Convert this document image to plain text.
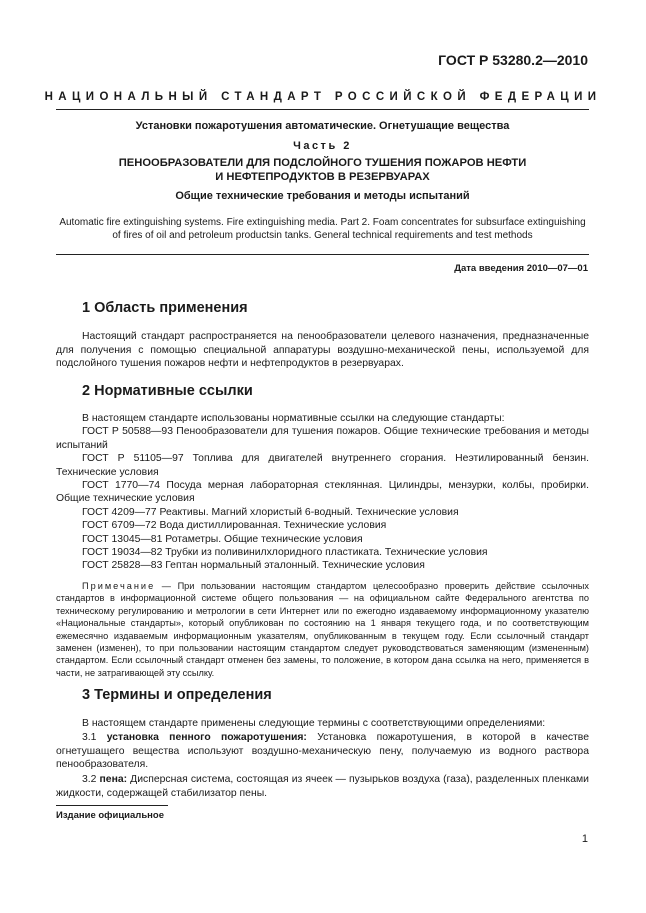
ГОСТ Р 53280.2—2010
НАЦИОНАЛЬНЫЙ СТАНДАРТ РОССИЙСКОЙ ФЕДЕРАЦИИ
Установки пожаротушения автоматические. Огнетушащие вещества
Часть 2
ПЕНООБРАЗОВАТЕЛИ ДЛЯ ПОДСЛОЙНОГО ТУШЕНИЯ ПОЖАРОВ НЕФТИ
И НЕФТЕПРОДУКТОВ В РЕЗЕРВУАРАХ
Общие технические требования и методы испытаний
Automatic fire extinguishing systems. Fire extinguishing media. Part 2. Foam concentrates for subsurface extinguishing of fires of oil and petroleum productsin tanks. General technical requirements and test methods
Дата введения 2010—07—01
1 Область применения

Настоящий стандарт распространяется на пенообразователи целевого назначения, предназначенные для получения с помощью специальной аппаратуры воздушно-механической пены, используемой для подслойного тушения пожаров нефти и нефтепродуктов в резервуарах.

2 Нормативные ссылки
В настоящем стандарте использованы нормативные ссылки на следующие стандарты:
ГОСТ Р 50588—93 Пенообразователи для тушения пожаров. Общие технические требования и методы испытаний
ГОСТ Р 51105—97 Топлива для двигателей внутреннего сгорания. Неэтилированный бензин. Технические условия
ГОСТ 1770—74 Посуда мерная лабораторная стеклянная. Цилиндры, мензурки, колбы, пробирки. Общие технические условия
ГОСТ 4209—77 Реактивы. Магний хлористый 6-водный. Технические условия
ГОСТ 6709—72 Вода дистиллированная. Технические условия
ГОСТ 13045—81 Ротаметры. Общие технические условия
ГОСТ 19034—82 Трубки из поливинилхлоридного пластиката. Технические условия
ГОСТ 25828—83 Гептан нормальный эталонный. Технические условия

Примечание — При пользовании настоящим стандартом целесообразно проверить действие ссылочных стандартов в информационной системе общего пользования — на официальном сайте Федерального агентства по техническому регулированию и метрологии в сети Интернет или по ежегодно издаваемому информационному указателю «Национальные стандарты», который опубликован по состоянию на 1 января текущего года, и по соответствующим ежемесячно издаваемым информационным указателям, опубликованным в текущем году. Если ссылочный стандарт заменен (изменен), то при пользовании настоящим стандартом следует руководствоваться заменяющим (измененным) стандартом. Если ссылочный стандарт отменен без замены, то положение, в котором дана ссылка на него, применяется в части, не затрагивающей эту ссылку.

3 Термины и определения

В настоящем стандарте применены следующие термины с соответствующими определениями:

3.1 установка пенного пожаротушения: Установка пожаротушения, в которой в качестве огнетушащего вещества используют воздушно-механическую пену, получаемую из водного раствора пенообразователя.

3.2 пена: Дисперсная система, состоящая из ячеек — пузырьков воздуха (газа), разделенных пленками жидкости, содержащей стабилизатор пены.

Издание официальное
1
